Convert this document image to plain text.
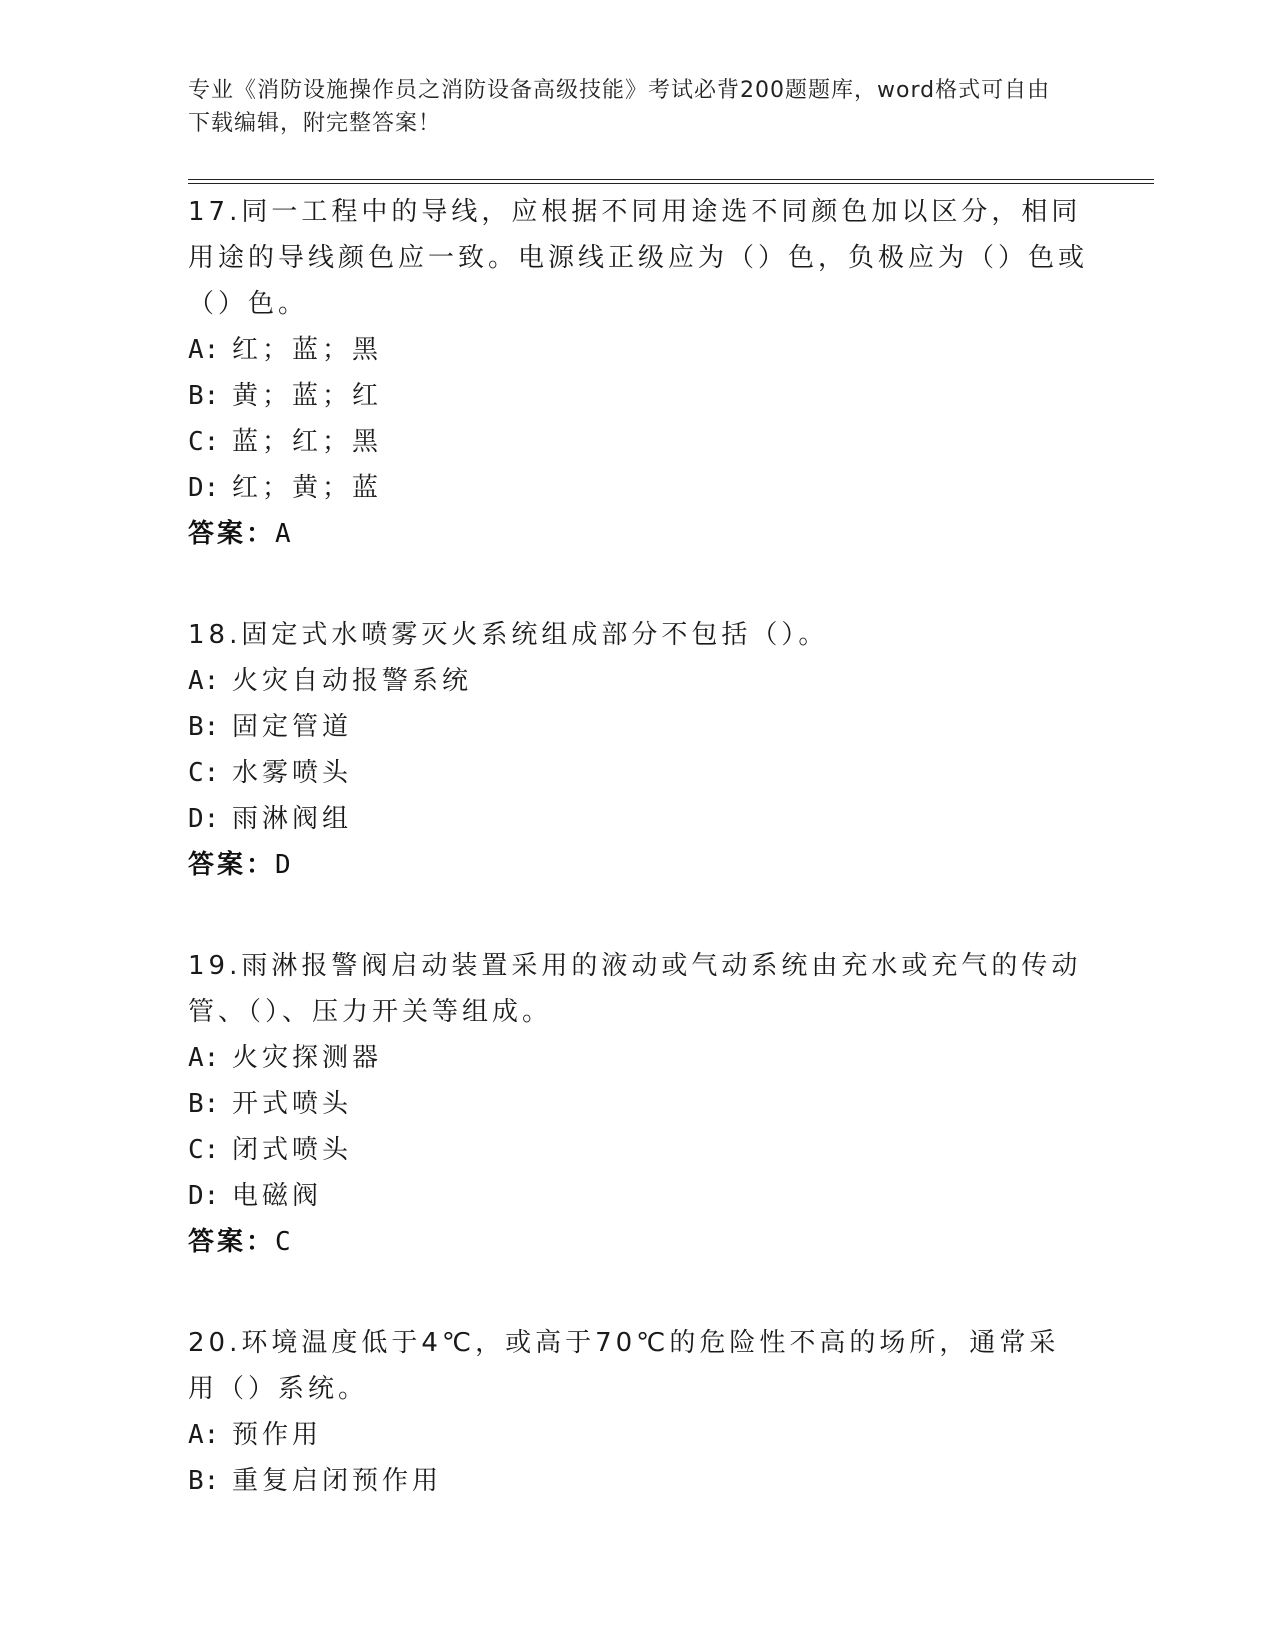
专业《消防设施操作员之消防设备高级技能》考试必背200题题库，word格式可自由下载编辑，附完整答案！

17.同一工程中的导线，应根据不同用途选不同颜色加以区分，相同用途的导线颜色应一致。电源线正级应为（）色，负极应为（）色或（）色。

A: 红；蓝；黑
B: 黄；蓝；红
C: 蓝；红；黑
D: 红；黄；蓝
答案：A

18.固定式水喷雾灭火系统组成部分不包括（）。

A: 火灾自动报警系统
B: 固定管道
C: 水雾喷头
D: 雨淋阀组
答案：D

19.雨淋报警阀启动装置采用的液动或气动系统由充水或充气的传动管、（）、压力开关等组成。

A: 火灾探测器
B: 开式喷头
C: 闭式喷头
D: 电磁阀
答案：C

20.环境温度低于4℃，或高于70℃的危险性不高的场所，通常采用（）系统。

A: 预作用
B: 重复启闭预作用
